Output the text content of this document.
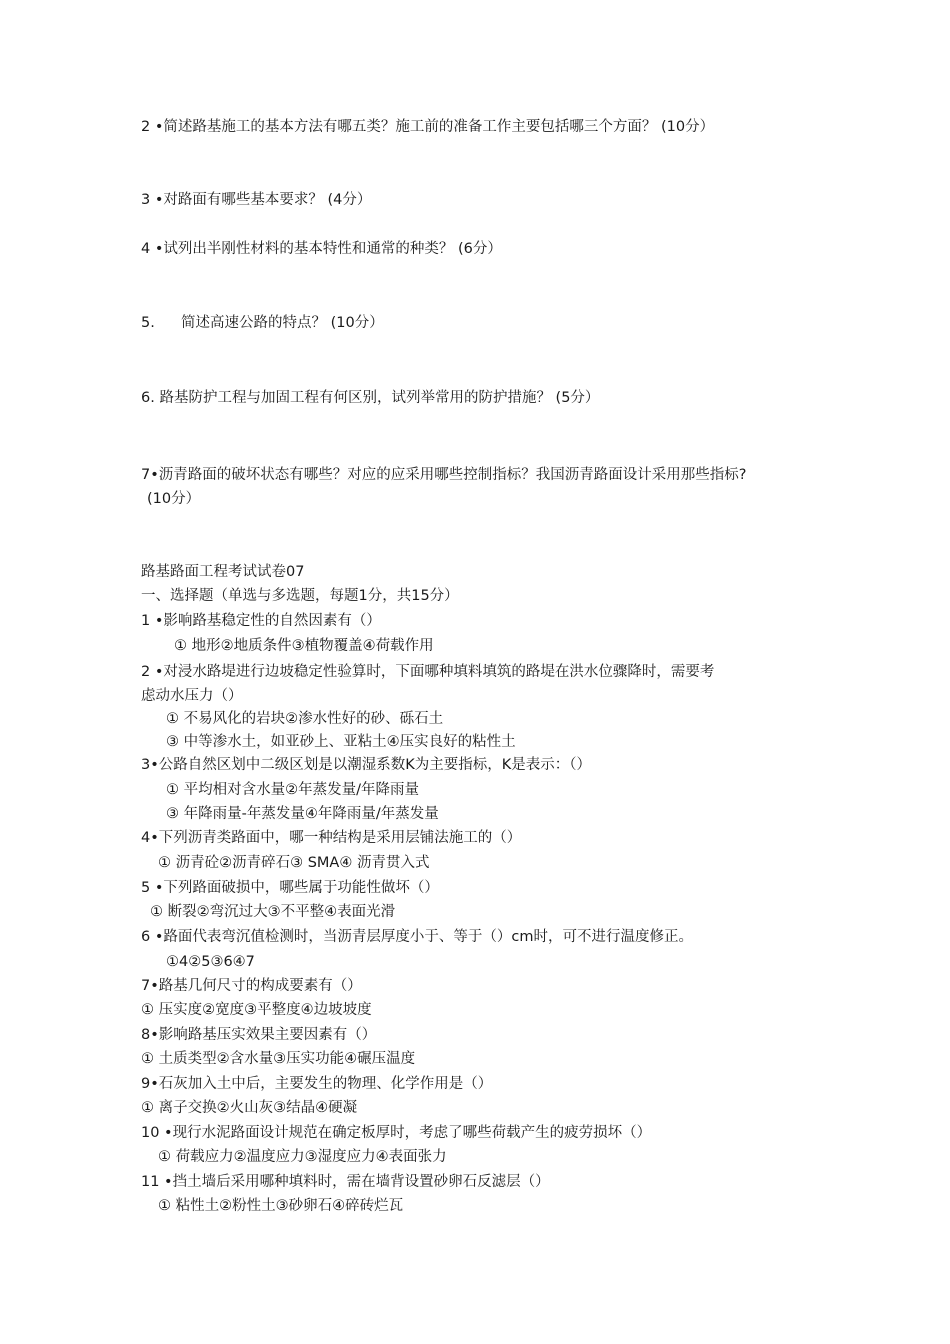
2 •简述路基施工的基本方法有哪五类？施工前的准备工作主要包括哪三个方面？ (10分）
3 •对路面有哪些基本要求？ (4分）
4 •试列出半刚性材料的基本特性和通常的种类？ (6分）
5. 简述高速公路的特点？ (10分）
6. 路基防护工程与加固工程有何区别，试列举常用的防护措施？ (5分）
7•沥青路面的破坏状态有哪些？对应的应采用哪些控制指标？我国沥青路面设计采用那些指标?
(10分）
路基路面工程考试试卷07
一、选择题（单选与多选题，每题1分，共15分）
1 •影响路基稳定性的自然因素有（）
① 地形②地质条件③植物覆盖④荷载作用
2 •对浸水路堤进行边坡稳定性验算时，下面哪种填料填筑的路堤在洪水位骤降时，需要考
虑动水压力（）
① 不易风化的岩块②渗水性好的砂、砾石土
③ 中等渗水土，如亚砂上、亚粘土④压实良好的粘性土
3•公路自然区划中二级区划是以潮湿系数K为主要指标，K是表示：（）
① 平均相对含水量②年蒸发量/年降雨量
③ 年降雨量-年蒸发量④年降雨量/年蒸发量
4•下列沥青类路面中，哪一种结构是采用层铺法施工的（）
① 沥青砼②沥青碎石③ SMA④ 沥青贯入式
5 •下列路面破损中，哪些属于功能性做坏（）
① 断裂②弯沉过大③不平整④表面光滑
6 •路面代表弯沉值检测时，当沥青层厚度小于、等于（）cm时，可不进行温度修正。
①4②5③6④7
7•路基几何尺寸的构成要素有（）
① 压实度②宽度③平整度④边坡坡度
8•影响路基压实效果主要因素有（）
① 土质类型②含水量③压实功能④碾压温度
9•石灰加入土中后，主要发生的物理、化学作用是（）
① 离子交换②火山灰③结晶④硬凝
10 •现行水泥路面设计规范在确定板厚时，考虑了哪些荷载产生的疲劳损坏（）
① 荷载应力②温度应力③湿度应力④表面张力
11 •挡土墙后采用哪种填料时，需在墙背设置砂卵石反滤层（）
① 粘性土②粉性土③砂卵石④碎砖烂瓦
